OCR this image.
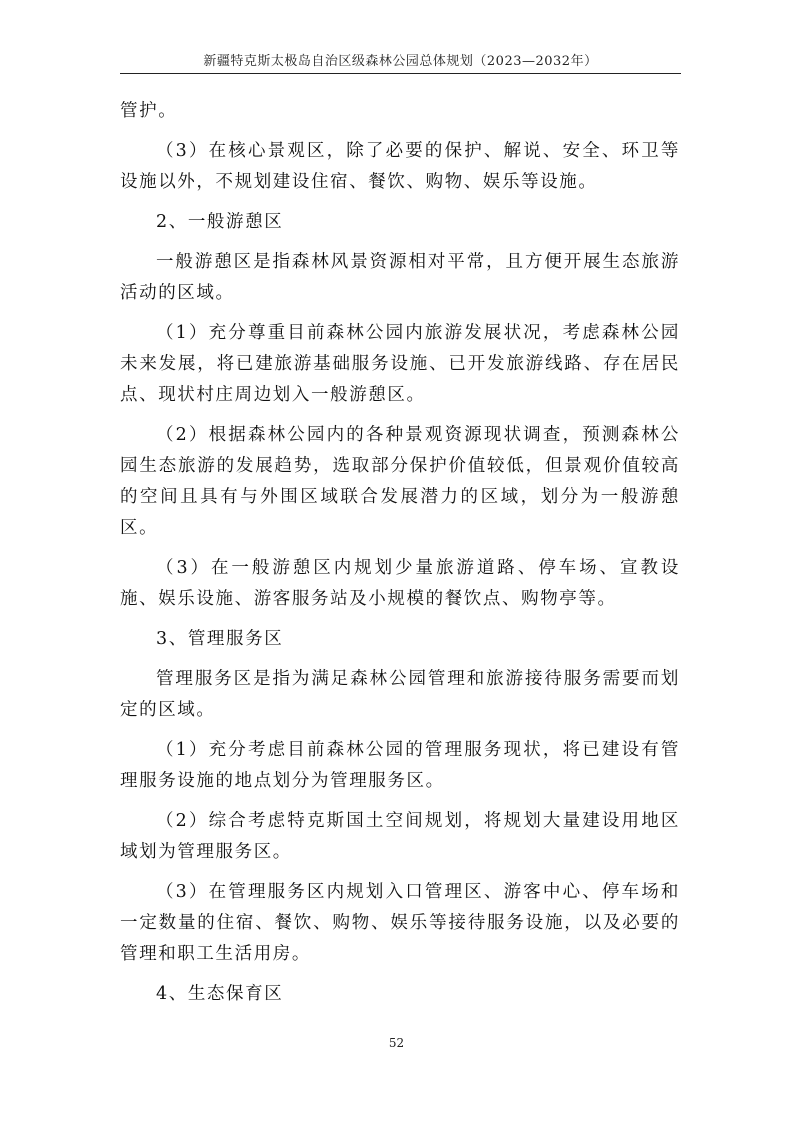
新疆特克斯太极岛自治区级森林公园总体规划（2023—2032年）

管护。

（3）在核心景观区，除了必要的保护、解说、安全、环卫等设施以外，不规划建设住宿、餐饮、购物、娱乐等设施。

2、一般游憩区

一般游憩区是指森林风景资源相对平常，且方便开展生态旅游活动的区域。

（1）充分尊重目前森林公园内旅游发展状况，考虑森林公园未来发展，将已建旅游基础服务设施、已开发旅游线路、存在居民点、现状村庄周边划入一般游憩区。

（2）根据森林公园内的各种景观资源现状调查，预测森林公园生态旅游的发展趋势，选取部分保护价值较低，但景观价值较高的空间且具有与外围区域联合发展潜力的区域，划分为一般游憩区。

（3）在一般游憩区内规划少量旅游道路、停车场、宣教设施、娱乐设施、游客服务站及小规模的餐饮点、购物亭等。

3、管理服务区

管理服务区是指为满足森林公园管理和旅游接待服务需要而划定的区域。

（1）充分考虑目前森林公园的管理服务现状，将已建设有管理服务设施的地点划分为管理服务区。

（2）综合考虑特克斯国土空间规划，将规划大量建设用地区域划为管理服务区。

（3）在管理服务区内规划入口管理区、游客中心、停车场和一定数量的住宿、餐饮、购物、娱乐等接待服务设施，以及必要的管理和职工生活用房。

4、生态保育区

52
